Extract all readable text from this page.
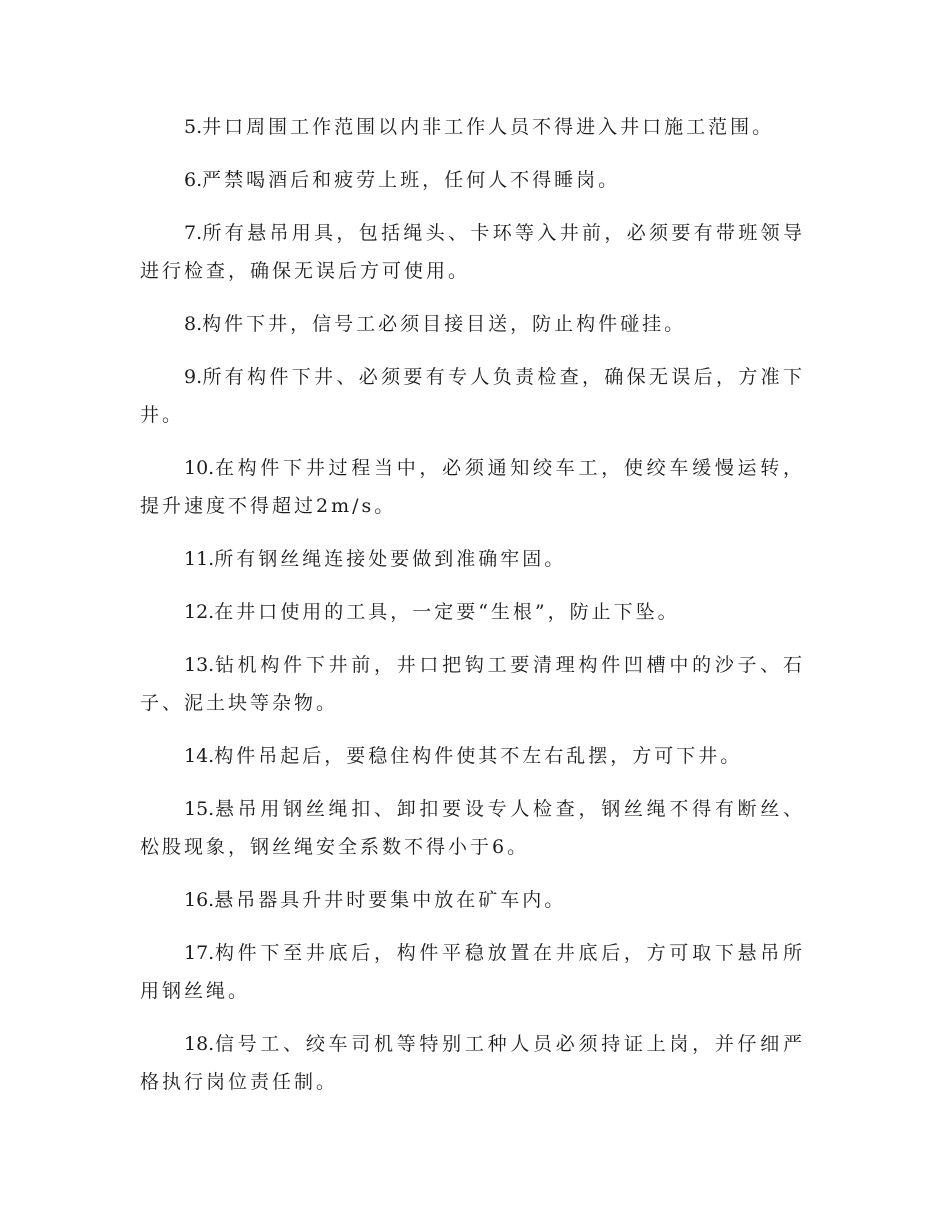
5.井口周围工作范围以内非工作人员不得进入井口施工范围。

6.严禁喝酒后和疲劳上班，任何人不得睡岗。

7.所有悬吊用具，包括绳头、卡环等入井前，必须要有带班领导进行检查，确保无误后方可使用。

8.构件下井，信号工必须目接目送，防止构件碰挂。

9.所有构件下井、必须要有专人负责检查，确保无误后，方准下井。

10.在构件下井过程当中，必须通知绞车工，使绞车缓慢运转，提升速度不得超过2m/s。

11.所有钢丝绳连接处要做到准确牢固。

12.在井口使用的工具，一定要“生根”，防止下坠。

13.钻机构件下井前，井口把钩工要清理构件凹槽中的沙子、石子、泥土块等杂物。

14.构件吊起后，要稳住构件使其不左右乱摆，方可下井。

15.悬吊用钢丝绳扣、卸扣要设专人检查，钢丝绳不得有断丝、松股现象，钢丝绳安全系数不得小于6。

16.悬吊器具升井时要集中放在矿车内。

17.构件下至井底后，构件平稳放置在井底后，方可取下悬吊所用钢丝绳。

18.信号工、绞车司机等特别工种人员必须持证上岗，并仔细严格执行岗位责任制。
